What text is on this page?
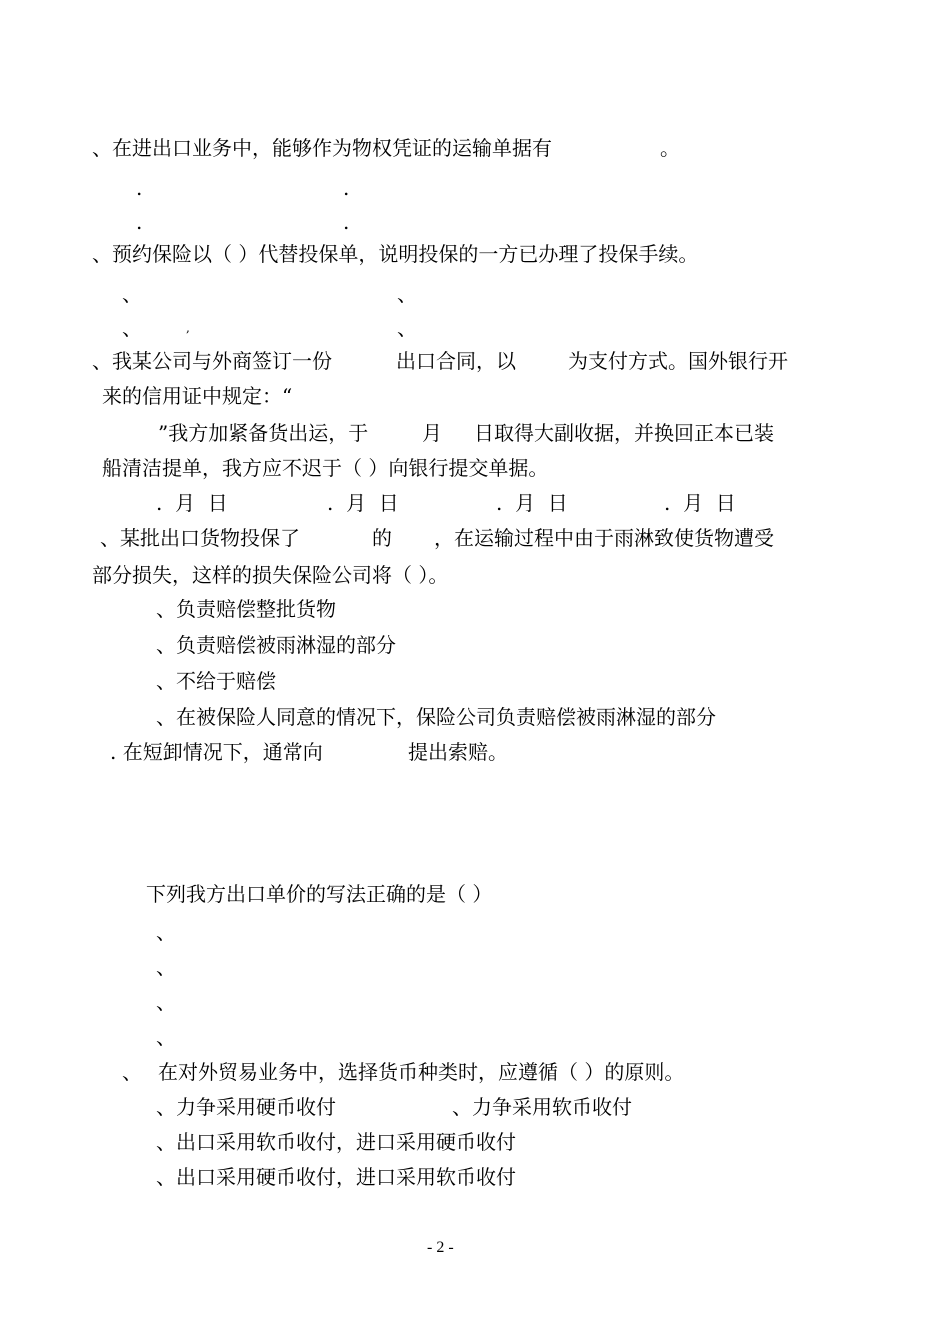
、在进出口业务中，能够作为物权凭证的运输单据有	。
.	.
.	.
、预约保险以（ ）代替投保单，说明投保的一方已办理了投保手续。
、	、
、	,	、
、我某公司与外商签订一份	出口合同，以	为支付方式。国外银行开
来的信用证中规定：“
”我方加紧备货出运，于	月 日取得大副收据，并换回正本已装
船清洁提单，我方应不迟于（ ）向银行提交单据。
.  月  日	.  月  日	.  月  日	.  月  日
、某批出口货物投保了	的 ，在运输过程中由于雨淋致使货物遭受
部分损失，这样的损失保险公司将（ ）。
、负责赔偿整批货物
、负责赔偿被雨淋湿的部分
、不给于赔偿
、在被保险人同意的情况下，保险公司负责赔偿被雨淋湿的部分
. 在短卸情况下，通常向	提出索赔。
下列我方出口单价的写法正确的是（ ）
、
、
、
、
、 在对外贸易业务中，选择货币种类时，应遵循（ ）的原则。
、力争采用硬币收付	、力争采用软币收付
、出口采用软币收付，进口采用硬币收付
、出口采用硬币收付，进口采用软币收付
- 2 -
